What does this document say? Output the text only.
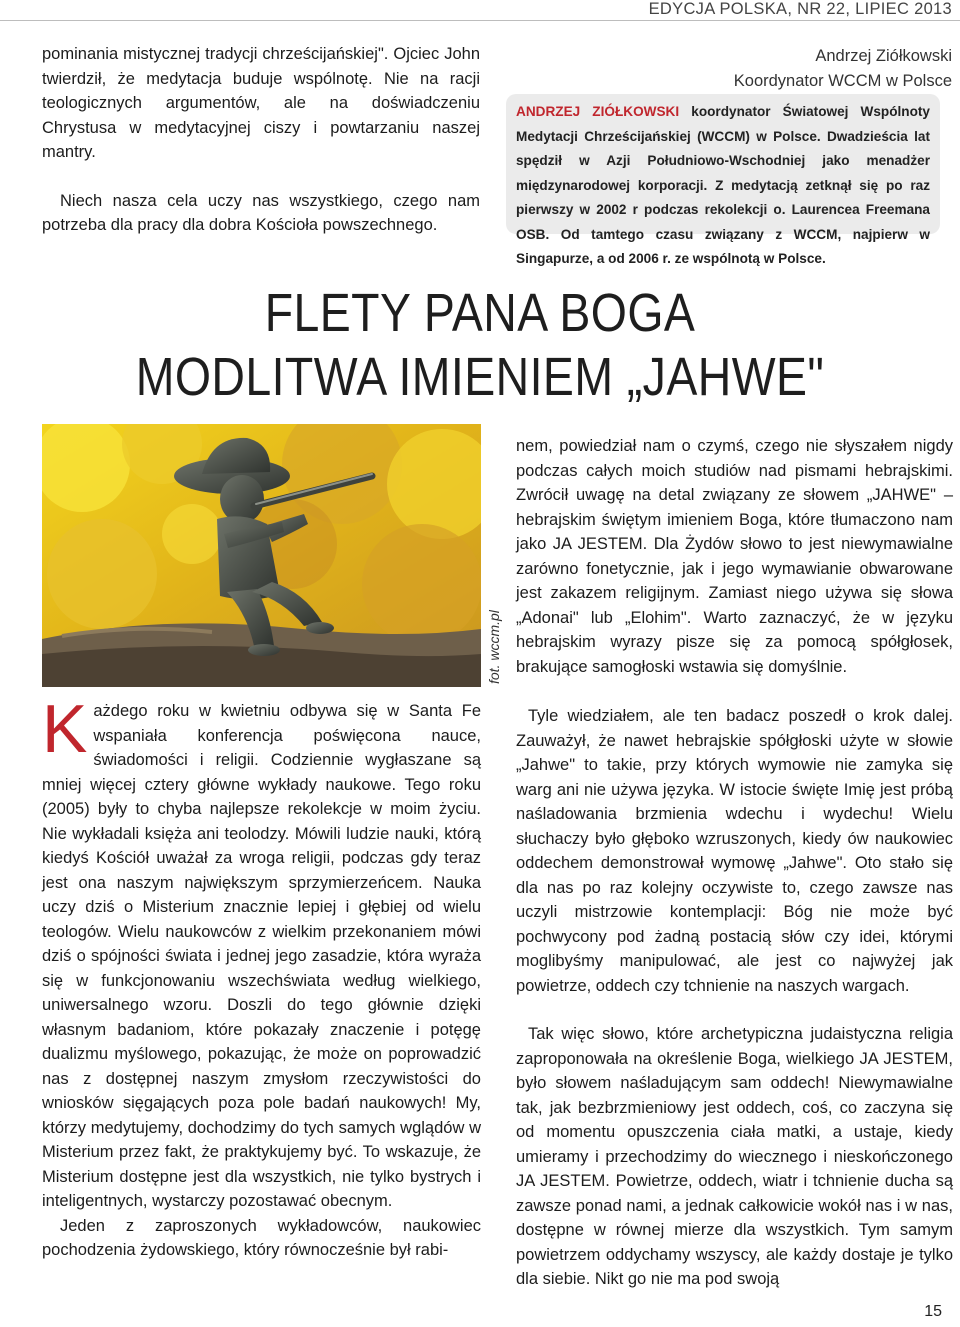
EDYCJA POLSKA, NR 22, LIPIEC 2013

pominania mistycznej tradycji chrześcijańskiej". Ojciec John twierdził, że medytacja buduje wspólnotę. Nie na racji teologicznych argumentów, ale na doświadczeniu Chrystusa w medytacyjnej ciszy i powtarzaniu naszej mantry.

Niech nasza cela uczy nas wszystkiego, czego nam potrzeba dla pracy dla dobra Kościoła powszechnego.

Andrzej Ziółkowski
Koordynator WCCM w Polsce
ANDRZEJ ZIÓŁKOWSKI koordynator Światowej Wspólnoty Medytacji Chrześcijańskiej (WCCM) w Polsce. Dwadzieścia lat spędził w Azji Południowo-Wschodniej jako menadżer międzynarodowej korporacji. Z medytacją zetknął się po raz pierwszy w 2002 r podczas rekolekcji o. Laurencea Freemana OSB. Od tamtego czasu związany z WCCM, najpierw w Singapurze, a od 2006 r. ze wspólnotą w Polsce.
FLETY PANA BOGA
MODLITWA IMIENIEM „JAHWE"
fot. wccm.pl

Każdego roku w kwietniu odbywa się w Santa Fe wspaniała konferencja poświęcona nauce, świadomości i religii. Codziennie wygłaszane są mniej więcej cztery główne wykłady naukowe. Tego roku (2005) były to chyba najlepsze rekolekcje w moim życiu. Nie wykładali księża ani teolodzy. Mówili ludzie nauki, którą kiedyś Kościół uważał za wroga religii, podczas gdy teraz jest ona naszym największym sprzymierzeńcem. Nauka uczy dziś o Misterium znacznie lepiej i głębiej od wielu teologów. Wielu naukowców z wielkim przekonaniem mówi dziś o spójności świata i jednej jego zasadzie, która wyraża się w funkcjonowaniu wszechświata według wielkiego, uniwersalnego wzoru. Doszli do tego głównie dzięki własnym badaniom, które pokazały znaczenie i potęgę dualizmu myślowego, pokazując, że może on poprowadzić nas z dostępnej naszym zmysłom rzeczywistości do wniosków sięgających poza pole badań naukowych! My, którzy medytujemy, dochodzimy do tych samych wglądów w Misterium przez fakt, że praktykujemy być. To wskazuje, że Misterium dostępne jest dla wszystkich, nie tylko bystrych i inteligentnych, wystarczy pozostawać obecnym.

Jeden z zaproszonych wykładowców, naukowiec pochodzenia żydowskiego, który równocześnie był rabi-

nem, powiedział nam o czymś, czego nie słyszałem nigdy podczas całych moich studiów nad pismami hebrajskimi. Zwrócił uwagę na detal związany ze słowem „JAHWE" – hebrajskim świętym imieniem Boga, które tłumaczono nam jako JA JESTEM. Dla Żydów słowo to jest niewymawialne zarówno fonetycznie, jak i jego wymawianie obwarowane jest zakazem religijnym. Zamiast niego używa się słowa „Adonai" lub „Elohim". Warto zaznaczyć, że w języku hebrajskim wyrazy pisze się za pomocą spółgłosek, brakujące samogłoski wstawia się domyślnie.

Tyle wiedziałem, ale ten badacz poszedł o krok dalej. Zauważył, że nawet hebrajskie spółgłoski użyte w słowie „Jahwe" to takie, przy których wymowie nie zamyka się warg ani nie używa języka. W istocie święte Imię jest próbą naśladowania brzmienia wdechu i wydechu! Wielu słuchaczy było głęboko wzruszonych, kiedy ów naukowiec oddechem demonstrował wymowę „Jahwe". Oto stało się dla nas po raz kolejny oczywiste to, czego zawsze nas uczyli mistrzowie kontemplacji: Bóg nie może być pochwycony pod żadną postacią słów czy idei, którymi moglibyśmy manipulować, ale jest co najwyżej jak powietrze, oddech czy tchnienie na naszych wargach.

Tak więc słowo, które archetypiczna judaistyczna religia zaproponowała na określenie Boga, wielkiego JA JESTEM, było słowem naśladującym sam oddech! Niewymawialne tak, jak bezbrzmieniowy jest oddech, coś, co zaczyna się od momentu opuszczenia ciała matki, a ustaje, kiedy umieramy i przechodzimy do wiecznego i nieskończonego JA JESTEM. Powietrze, oddech, wiatr i tchnienie ducha są zawsze ponad nami, a jednak całkowicie wokół nas i w nas, dostępne w równej mierze dla wszystkich. Tym samym powietrzem oddychamy wszyscy, ale każdy dostaje je tylko dla siebie. Nikt go nie ma pod swoją

15
